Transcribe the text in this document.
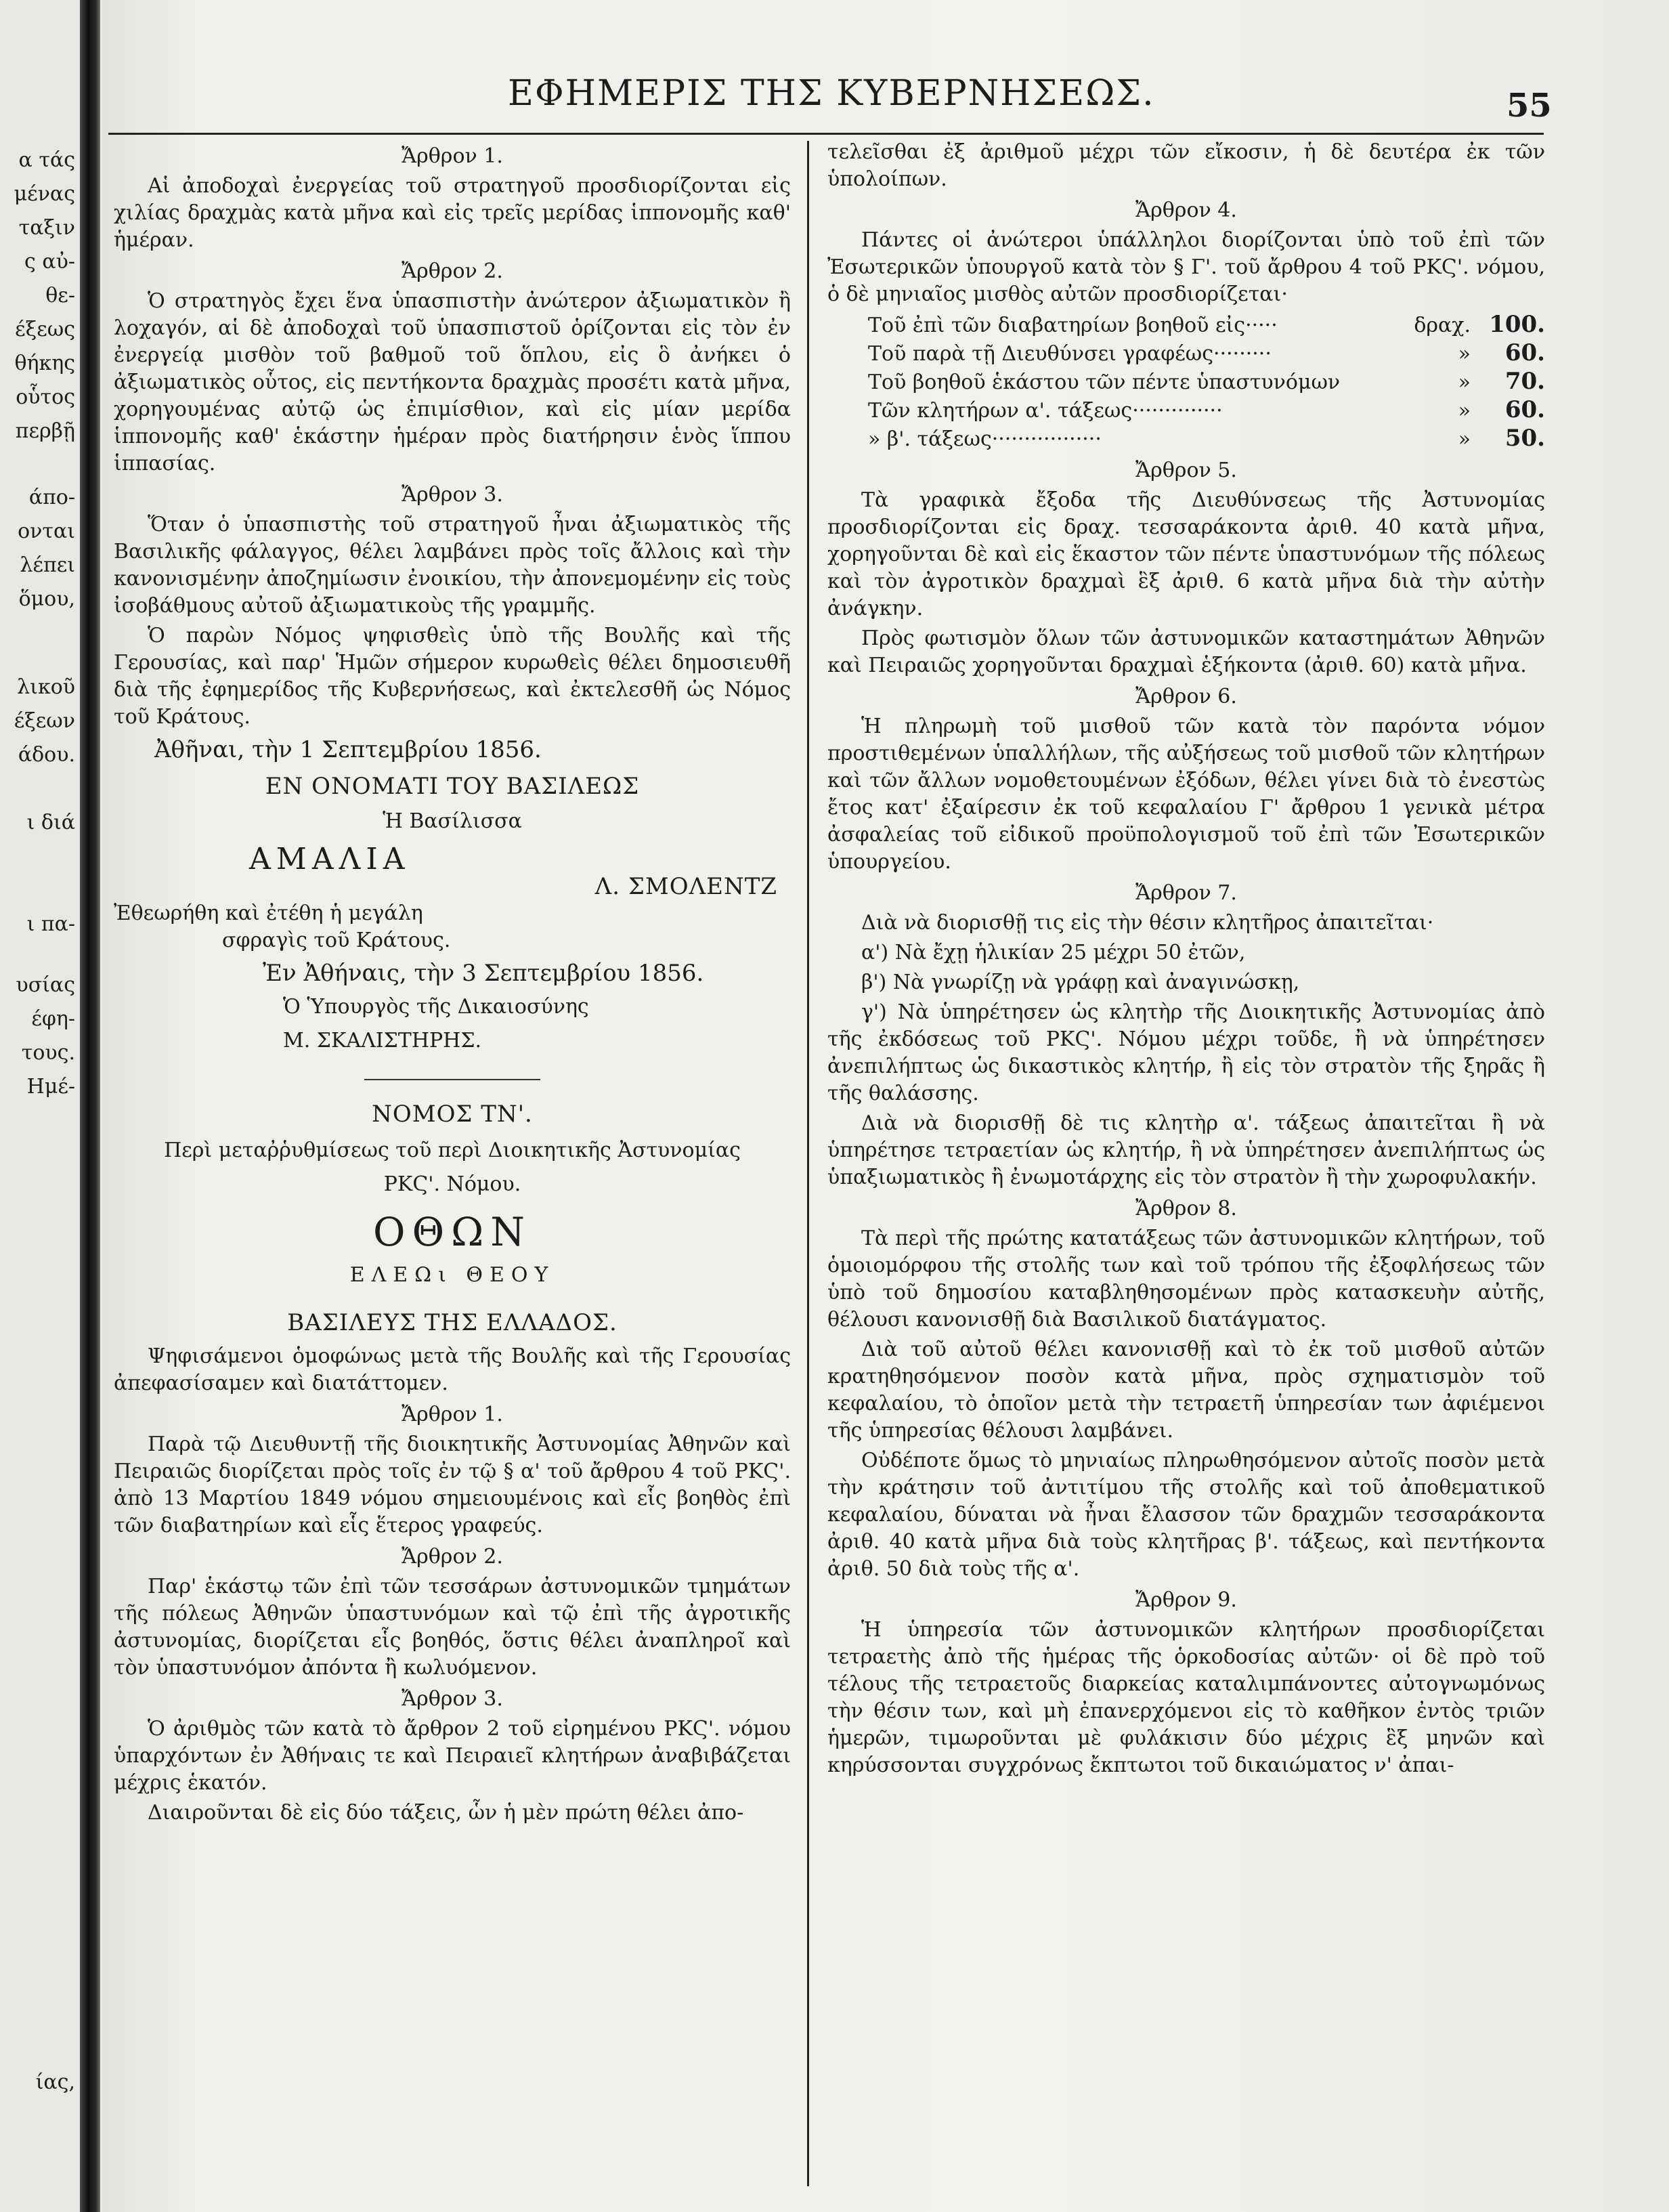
α τάς
μένας
ταξιν
ς αὐ-
θε-
έξεως
θήκης
οὗτος
περβῇ
άπο-
ονται
λέπει
ὅμου,
λικοῦ
έξεων
άδου.
ι διά
ι πα-
υσίας
έφη-
τους.
Ημέ-
ίας,
ΕΦΗΜΕΡΙΣ ΤΗΣ ΚΥΒΕΡΝΗΣΕΩΣ.	55
Ἄρθρον 1.

Αἱ ἀποδοχαὶ ἐνεργείας τοῦ στρατηγοῦ προσδιορίζονται εἰς χιλίας δραχμὰς κατὰ μῆνα καὶ εἰς τρεῖς μερίδας ἱππονομῆς καθ' ἡμέραν.

Ἄρθρον 2.

Ὁ στρατηγὸς ἔχει ἕνα ὑπασπιστὴν ἀνώτερον ἀξιωματικὸν ἢ λοχαγόν, αἱ δὲ ἀποδοχαὶ τοῦ ὑπασπιστοῦ ὁρίζονται εἰς τὸν ἐν ἐνεργείᾳ μισθὸν τοῦ βαθμοῦ τοῦ ὅπλου, εἰς ὃ ἀνήκει ὁ ἀξιωματικὸς οὗτος, εἰς πεντήκοντα δραχμὰς προσέτι κατὰ μῆνα, χορηγουμένας αὐτῷ ὡς ἐπιμίσθιον, καὶ εἰς μίαν μερίδα ἱππονομῆς καθ' ἑκάστην ἡμέραν πρὸς διατήρησιν ἑνὸς ἵππου ἱππασίας.

Ἄρθρον 3.

Ὅταν ὁ ὑπασπιστὴς τοῦ στρατηγοῦ ἦναι ἀξιωματικὸς τῆς Βασιλικῆς φάλαγγος, θέλει λαμβάνει πρὸς τοῖς ἄλλοις καὶ τὴν κανονισμένην ἀποζημίωσιν ἐνοικίου, τὴν ἀπονεμομένην εἰς τοὺς ἰσοβάθμους αὐτοῦ ἀξιωματικοὺς τῆς γραμμῆς.

Ὁ παρὼν Νόμος ψηφισθεὶς ὑπὸ τῆς Βουλῆς καὶ τῆς Γερουσίας, καὶ παρ' Ἡμῶν σήμερον κυρωθεὶς θέλει δημοσιευθῆ διὰ τῆς ἐφημερίδος τῆς Κυβερνήσεως, καὶ ἐκτελεσθῆ ὡς Νόμος τοῦ Κράτους.

Ἀθῆναι, τὴν 1 Σεπτεμβρίου 1856.

ΕΝ ΟΝΟΜΑΤΙ ΤΟΥ ΒΑΣΙΛΕΩΣ
Ἡ Βασίλισσα
ΑΜΑΛΙΑ
Λ. ΣΜΟΛΕΝΤΖ
Ἐθεωρήθη καὶ ἐτέθη ἡ μεγάλη
σφραγὶς τοῦ Κράτους.
Ἐν Ἀθήναις, τὴν 3 Σεπτεμβρίου 1856.
Ὁ Ὑπουργὸς τῆς Δικαιοσύνης
Μ. ΣΚΑΛΙΣΤΗΡΗΣ.
ΝΟΜΟΣ ΤΝ'.
Περὶ μεταῤῥυθμίσεως τοῦ περὶ Διοικητικῆς Ἀστυνομίας
ΡΚϚ'. Νόμου.
ΟΘΩΝ
ΕΛΕΩι ΘΕΟΥ
ΒΑΣΙΛΕΥΣ ΤΗΣ ΕΛΛΑΔΟΣ.

Ψηφισάμενοι ὁμοφώνως μετὰ τῆς Βουλῆς καὶ τῆς Γερουσίας ἀπεφασίσαμεν καὶ διατάττομεν.

Ἄρθρον 1.

Παρὰ τῷ Διευθυντῇ τῆς διοικητικῆς Ἀστυνομίας Ἀθηνῶν καὶ Πειραιῶς διορίζεται πρὸς τοῖς ἐν τῷ § α' τοῦ ἄρθρου 4 τοῦ ΡΚϚ'. ἀπὸ 13 Μαρτίου 1849 νόμου σημειουμένοις καὶ εἷς βοηθὸς ἐπὶ τῶν διαβατηρίων καὶ εἷς ἕτερος γραφεύς.

Ἄρθρον 2.

Παρ' ἑκάστῳ τῶν ἐπὶ τῶν τεσσάρων ἀστυνομικῶν τμημάτων τῆς πόλεως Ἀθηνῶν ὑπαστυνόμων καὶ τῷ ἐπὶ τῆς ἀγροτικῆς ἀστυνομίας, διορίζεται εἷς βοηθός, ὅστις θέλει ἀναπληροῖ καὶ τὸν ὑπαστυνόμον ἀπόντα ἢ κωλυόμενον.

Ἄρθρον 3.

Ὁ ἀριθμὸς τῶν κατὰ τὸ ἄρθρον 2 τοῦ εἰρημένου ΡΚϚ'. νόμου ὑπαρχόντων ἐν Ἀθήναις τε καὶ Πειραιεῖ κλητήρων ἀναβιβάζεται μέχρις ἑκατόν.

Διαιροῦνται δὲ εἰς δύο τάξεις, ὧν ἡ μὲν πρώτη θέλει ἀπο-

τελεῖσθαι ἐξ ἀριθμοῦ μέχρι τῶν εἴκοσιν, ἡ δὲ δευτέρα ἐκ τῶν ὑπολοίπων.

Ἄρθρον 4.

Πάντες οἱ ἀνώτεροι ὑπάλληλοι διορίζονται ὑπὸ τοῦ ἐπὶ τῶν Ἐσωτερικῶν ὑπουργοῦ κατὰ τὸν § Γ'. τοῦ ἄρθρου 4 τοῦ ΡΚϚ'. νόμου, ὁ δὲ μηνιαῖος μισθὸς αὐτῶν προσδιορίζεται·

Τοῦ ἐπὶ τῶν διαβατηρίων βοηθοῦ εἰς·····	δραχ. 100.
Τοῦ παρὰ τῇ Διευθύνσει γραφέως·········	»	60.
Τοῦ βοηθοῦ ἑκάστου τῶν πέντε ὑπαστυνόμων	»	70.
Τῶν κλητήρων α'. τάξεως··············	»	60.
» β'. τάξεως·················	»	50.
Ἄρθρον 5.

Τὰ γραφικὰ ἔξοδα τῆς Διευθύνσεως τῆς Ἀστυνομίας προσδιορίζονται εἰς δραχ. τεσσαράκοντα ἀριθ. 40 κατὰ μῆνα, χορηγοῦνται δὲ καὶ εἰς ἕκαστον τῶν πέντε ὑπαστυνόμων τῆς πόλεως καὶ τὸν ἀγροτικὸν δραχμαὶ ἓξ ἀριθ. 6 κατὰ μῆνα διὰ τὴν αὐτὴν ἀνάγκην.

Πρὸς φωτισμὸν ὅλων τῶν ἀστυνομικῶν καταστημάτων Ἀθηνῶν καὶ Πειραιῶς χορηγοῦνται δραχμαὶ ἑξήκοντα (ἀριθ. 60) κατὰ μῆνα.

Ἄρθρον 6.

Ἡ πληρωμὴ τοῦ μισθοῦ τῶν κατὰ τὸν παρόντα νόμον προστιθεμένων ὑπαλλήλων, τῆς αὐξήσεως τοῦ μισθοῦ τῶν κλητήρων καὶ τῶν ἄλλων νομοθετουμένων ἐξόδων, θέλει γίνει διὰ τὸ ἐνεστὼς ἔτος κατ' ἐξαίρεσιν ἐκ τοῦ κεφαλαίου Γ' ἄρθρου 1 γενικὰ μέτρα ἀσφαλείας τοῦ εἰδικοῦ προϋπολογισμοῦ τοῦ ἐπὶ τῶν Ἐσωτερικῶν ὑπουργείου.

Ἄρθρον 7.

Διὰ νὰ διορισθῇ τις εἰς τὴν θέσιν κλητῆρος ἀπαιτεῖται·

α') Νὰ ἔχῃ ἡλικίαν 25 μέχρι 50 ἐτῶν,

β') Νὰ γνωρίζῃ νὰ γράφῃ καὶ ἀναγινώσκῃ,

γ') Νὰ ὑπηρέτησεν ὡς κλητὴρ τῆς Διοικητικῆς Ἀστυνομίας ἀπὸ τῆς ἐκδόσεως τοῦ ΡΚϚ'. Νόμου μέχρι τοῦδε, ἢ νὰ ὑπηρέτησεν ἀνεπιλήπτως ὡς δικαστικὸς κλητήρ, ἢ εἰς τὸν στρατὸν τῆς ξηρᾶς ἢ τῆς θαλάσσης.

Διὰ νὰ διορισθῇ δὲ τις κλητὴρ α'. τάξεως ἀπαιτεῖται ἢ νὰ ὑπηρέτησε τετραετίαν ὡς κλητήρ, ἢ νὰ ὑπηρέτησεν ἀνεπιλήπτως ὡς ὑπαξιωματικὸς ἢ ἐνωμοτάρχης εἰς τὸν στρατὸν ἢ τὴν χωροφυλακήν.

Ἄρθρον 8.

Τὰ περὶ τῆς πρώτης κατατάξεως τῶν ἀστυνομικῶν κλητήρων, τοῦ ὁμοιομόρφου τῆς στολῆς των καὶ τοῦ τρόπου τῆς ἐξοφλήσεως τῶν ὑπὸ τοῦ δημοσίου καταβληθησομένων πρὸς κατασκευὴν αὐτῆς, θέλουσι κανονισθῇ διὰ Βασιλικοῦ διατάγματος.

Διὰ τοῦ αὐτοῦ θέλει κανονισθῇ καὶ τὸ ἐκ τοῦ μισθοῦ αὐτῶν κρατηθησόμενον ποσὸν κατὰ μῆνα, πρὸς σχηματισμὸν τοῦ κεφαλαίου, τὸ ὁποῖον μετὰ τὴν τετραετῆ ὑπηρεσίαν των ἀφιέμενοι τῆς ὑπηρεσίας θέλουσι λαμβάνει.

Οὐδέποτε ὅμως τὸ μηνιαίως πληρωθησόμενον αὐτοῖς ποσὸν μετὰ τὴν κράτησιν τοῦ ἀντιτίμου τῆς στολῆς καὶ τοῦ ἀποθεματικοῦ κεφαλαίου, δύναται νὰ ἦναι ἔλασσον τῶν δραχμῶν τεσσαράκοντα ἀριθ. 40 κατὰ μῆνα διὰ τοὺς κλητῆρας β'. τάξεως, καὶ πεντήκοντα ἀριθ. 50 διὰ τοὺς τῆς α'.

Ἄρθρον 9.

Ἡ ὑπηρεσία τῶν ἀστυνομικῶν κλητήρων προσδιορίζεται τετραετὴς ἀπὸ τῆς ἡμέρας τῆς ὁρκοδοσίας αὐτῶν· οἱ δὲ πρὸ τοῦ τέλους τῆς τετραετοῦς διαρκείας καταλιμπάνοντες αὐτογνωμόνως τὴν θέσιν των, καὶ μὴ ἐπανερχόμενοι εἰς τὸ καθῆκον ἐντὸς τριῶν ἡμερῶν, τιμωροῦνται μὲ φυλάκισιν δύο μέχρις ἓξ μηνῶν καὶ κηρύσσονται συγχρόνως ἔκπτωτοι τοῦ δικαιώματος ν' ἀπαι-
